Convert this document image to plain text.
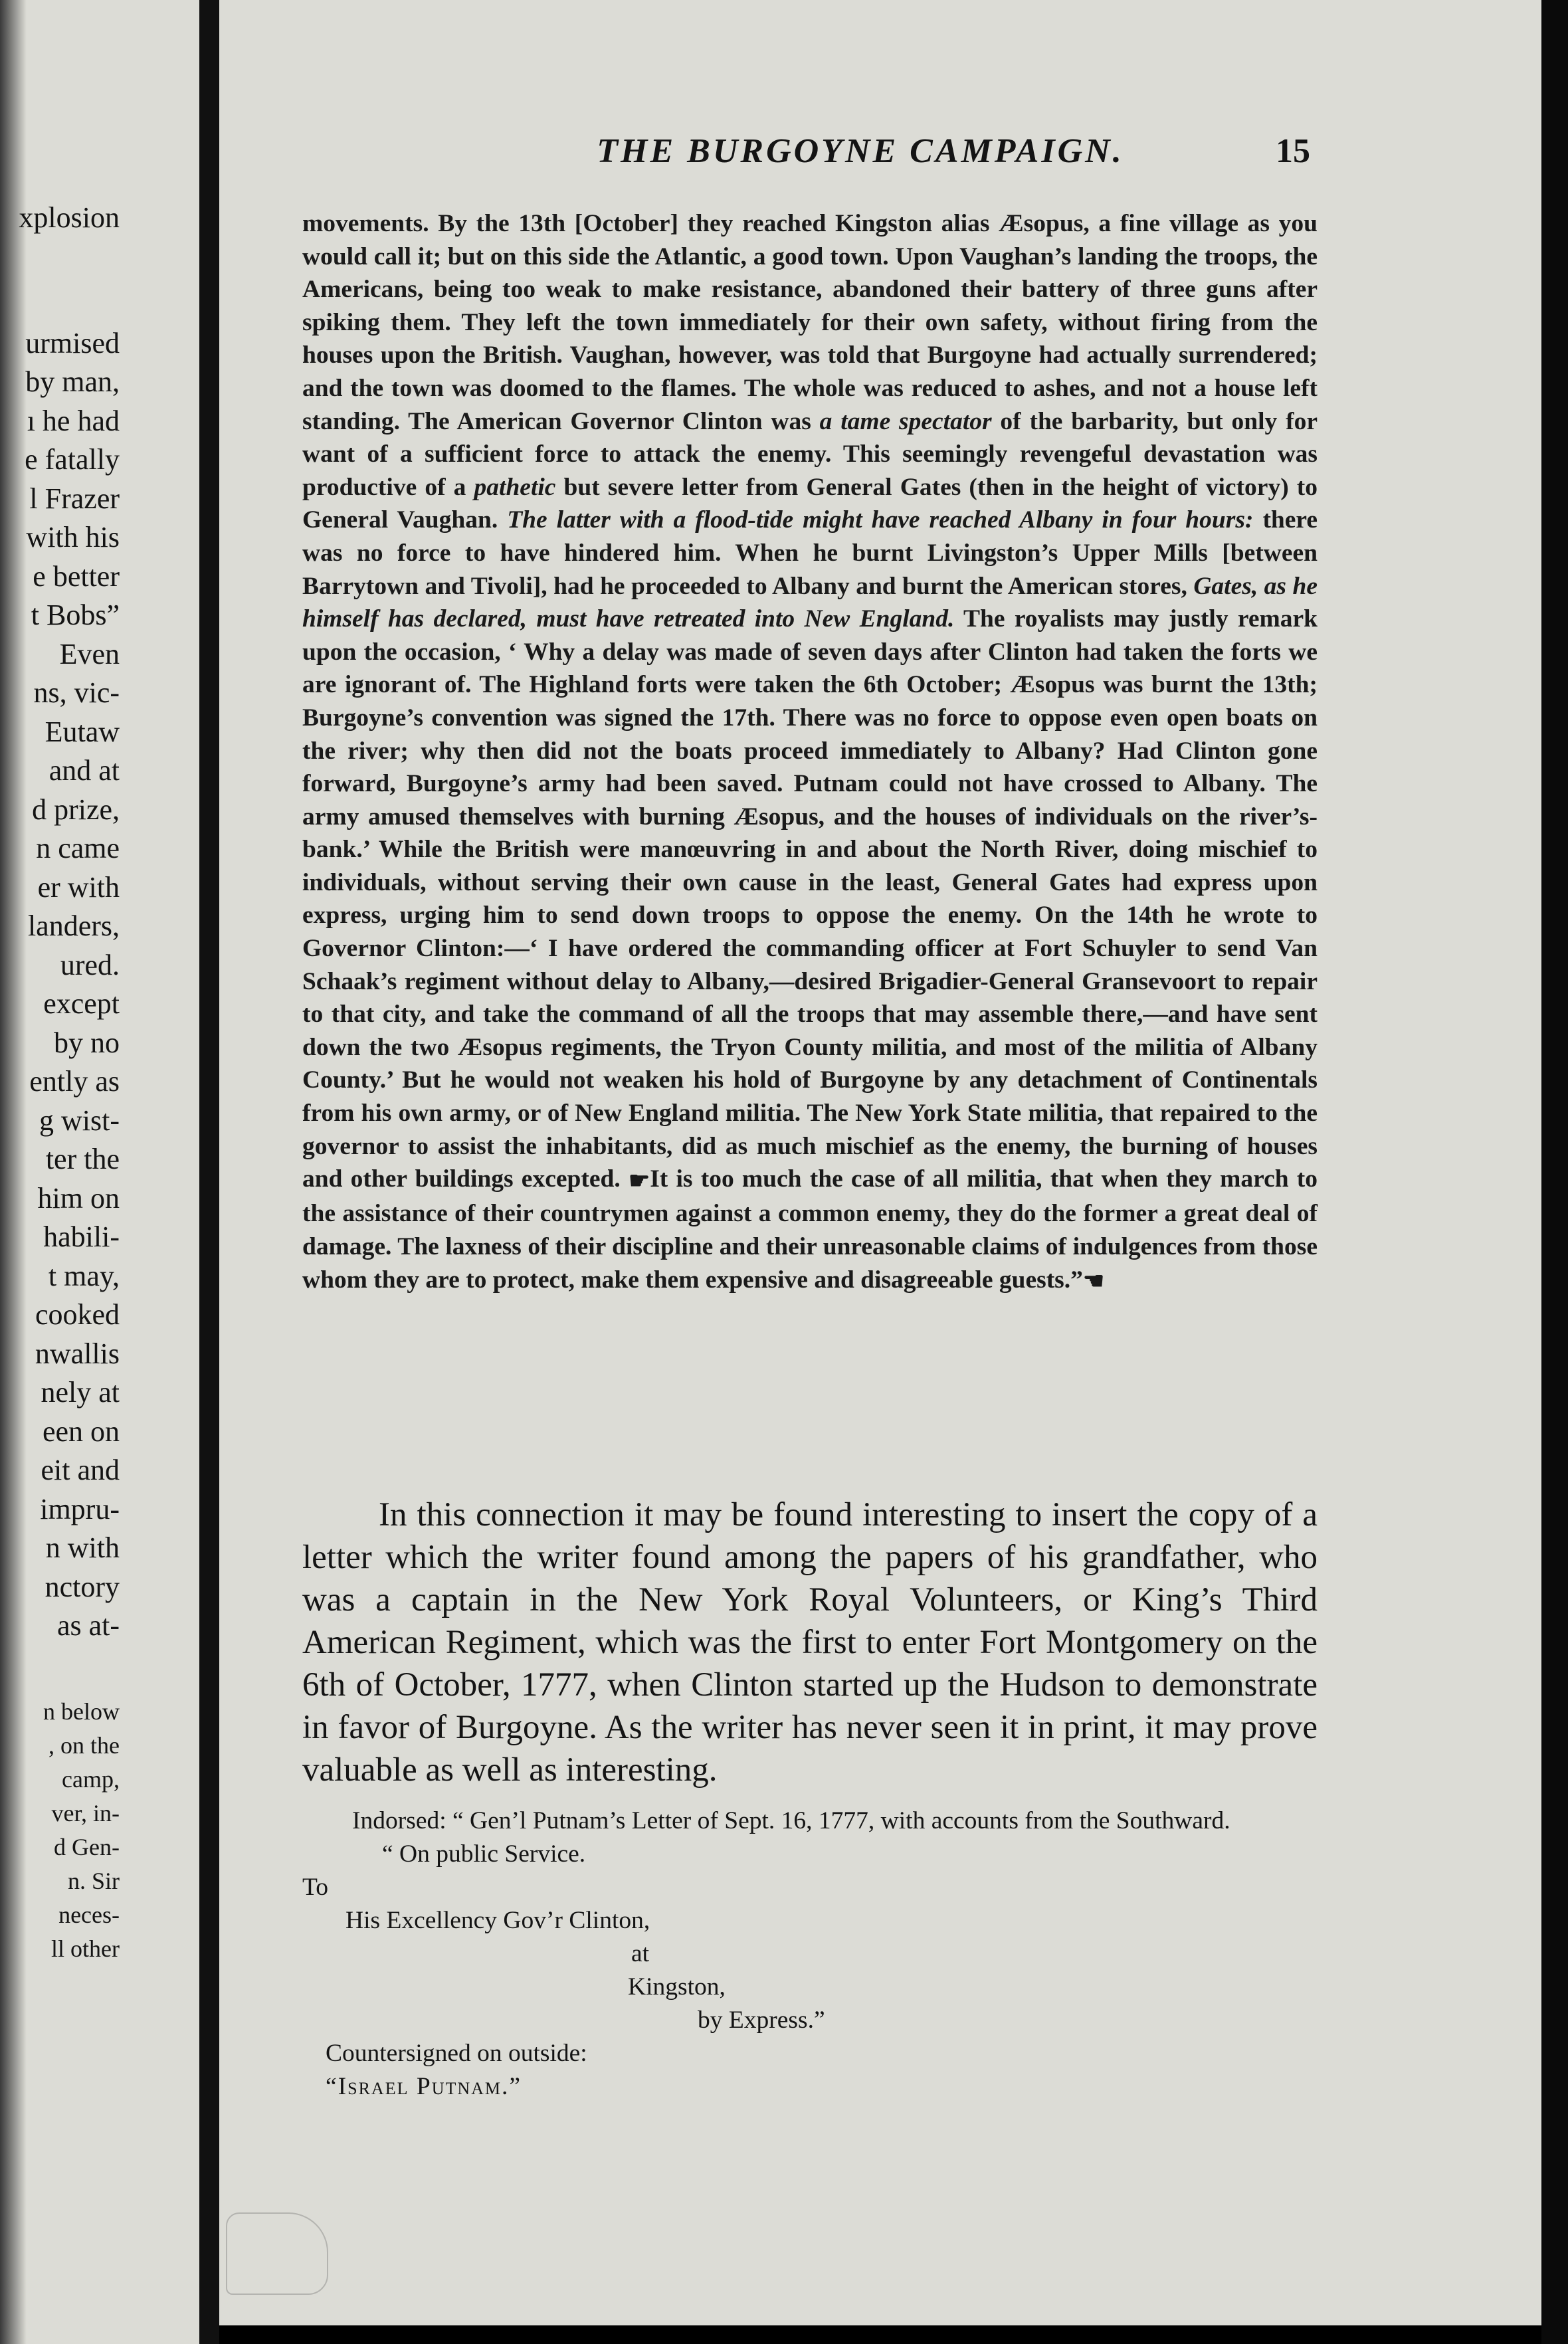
xplosion
urmised
by man,
ı he had
e fatally
l Frazer
with his
e better
t Bobs”
Even
ns, vic-
Eutaw
and at
d prize,
n came
er with
landers,
ured.
except
by no
ently as
g wist-
ter the
him on
habili-
t may,
cooked
nwallis
nely at
een on
eit and
impru-
n with
nctory
as at-
n below
, on the
camp,
ver, in-
d Gen-
n. Sir
neces-
ll other
THE BURGOYNE CAMPAIGN.	15
movements. By the 13th [October] they reached Kingston alias Æsopus, a fine village as you would call it; but on this side the Atlantic, a good town. Upon Vaughan’s landing the troops, the Americans, being too weak to make resistance, abandoned their battery of three guns after spiking them. They left the town immediately for their own safety, without firing from the houses upon the British. Vaughan, however, was told that Burgoyne had actually surrendered; and the town was doomed to the flames. The whole was reduced to ashes, and not a house left standing. The American Governor Clinton was a tame spectator of the barbarity, but only for want of a sufficient force to attack the enemy. This seemingly revengeful devastation was productive of a pathetic but severe letter from General Gates (then in the height of victory) to General Vaughan. The latter with a flood-tide might have reached Albany in four hours: there was no force to have hindered him. When he burnt Livingston’s Upper Mills [between Barrytown and Tivoli], had he proceeded to Albany and burnt the American stores, Gates, as he himself has declared, must have retreated into New England. The royalists may justly remark upon the occasion, ‘ Why a delay was made of seven days after Clinton had taken the forts we are ignorant of. The Highland forts were taken the 6th October; Æsopus was burnt the 13th; Burgoyne’s convention was signed the 17th. There was no force to oppose even open boats on the river; why then did not the boats proceed immediately to Albany? Had Clinton gone forward, Burgoyne’s army had been saved. Putnam could not have crossed to Albany. The army amused themselves with burning Æsopus, and the houses of individuals on the river’s-bank.’ While the British were manœuvring in and about the North River, doing mischief to individuals, without serving their own cause in the least, General Gates had express upon express, urging him to send down troops to oppose the enemy. On the 14th he wrote to Governor Clinton:—‘ I have ordered the commanding officer at Fort Schuyler to send Van Schaak’s regiment without delay to Albany,—desired Brigadier-General Gransevoort to repair to that city, and take the command of all the troops that may assemble there,—and have sent down the two Æsopus regiments, the Tryon County militia, and most of the militia of Albany County.’ But he would not weaken his hold of Burgoyne by any detachment of Continentals from his own army, or of New England militia. The New York State militia, that repaired to the governor to assist the inhabitants, did as much mischief as the enemy, the burning of houses and other buildings excepted. ☛It is too much the case of all militia, that when they march to the assistance of their countrymen against a common enemy, they do the former a great deal of damage. The laxness of their discipline and their unreasonable claims of indulgences from those whom they are to protect, make them expensive and disagreeable guests.”☚
In this connection it may be found interesting to insert the copy of a letter which the writer found among the papers of his grandfather, who was a captain in the New York Royal Volunteers, or King’s Third American Regiment, which was the first to enter Fort Montgomery on the 6th of October, 1777, when Clinton started up the Hudson to demonstrate in favor of Burgoyne. As the writer has never seen it in print, it may prove valuable as well as interesting.
Indorsed: “ Gen’l Putnam’s Letter of Sept. 16, 1777, with accounts from the Southward.
“ On public Service.
To
His Excellency Gov’r Clinton,
at
Kingston,
by Express.”
Countersigned on outside:
“Israel Putnam.”
